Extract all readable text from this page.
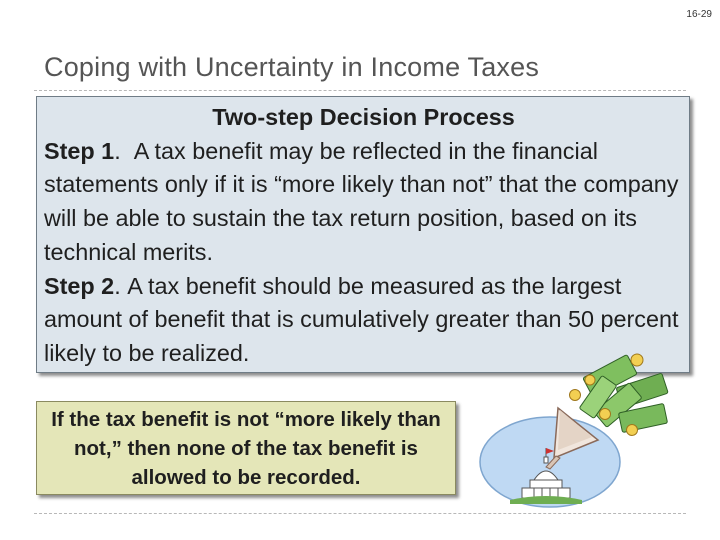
16-29
Coping with Uncertainty in Income Taxes
Two-step Decision Process
Step 1. A tax benefit may be reflected in the financial statements only if it is “more likely than not” that the company will be able to sustain the tax return position, based on its technical merits.
Step 2. A tax benefit should be measured as the largest amount of benefit that is cumulatively greater than 50 percent likely to be realized.
If the tax benefit is not “more likely than not,” then none of the tax benefit is allowed to be recorded.
